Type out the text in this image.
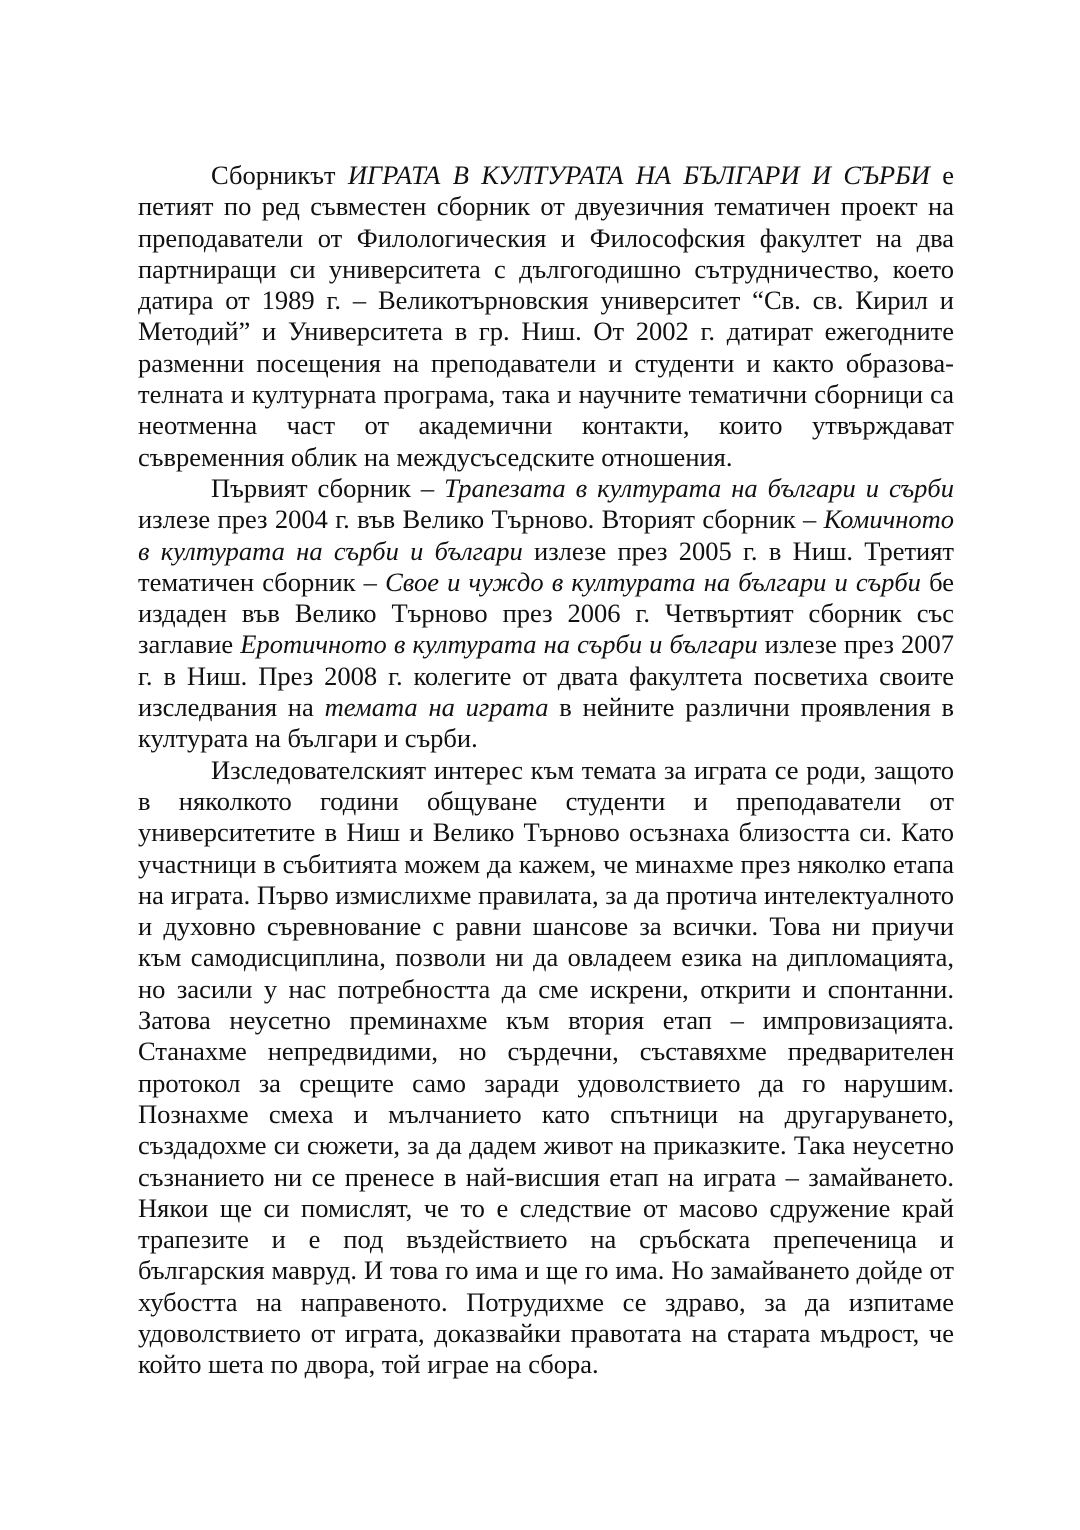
Сборникът ИГРАТА В КУЛТУРАТА НА БЪЛГАРИ И СЪРБИ е петият по ред съвместен сборник от двуезичния тематичен проект на преподаватели от Филологическия и Философския факултет на два партниращи си университета с дългогодишно сътрудничество, което датира от 1989 г. – Великотърновския университет “Св. св. Кирил и Методий” и Университета в гр. Ниш. От 2002 г. датират ежегодните разменни посещения на преподаватели и студенти и както образователната и културната програма, така и научните тематични сборници са неотменна част от академични контакти, които утвърждават съвременния облик на междусъседските отношения.

Първият сборник – Трапезата в културата на българи и сърби излезе през 2004 г. във Велико Търново. Вторият сборник – Комичното в културата на сърби и българи излезе през 2005 г. в Ниш. Третият тематичен сборник – Свое и чуждо в културата на българи и сърби бе издаден във Велико Търново през 2006 г. Четвъртият сборник със заглавие Еротичното в културата на сърби и българи излезе през 2007 г. в Ниш. През 2008 г. колегите от двата факултета посветиха своите изследвания на темата на играта в нейните различни проявления в културата на българи и сърби.

Изследователският интерес към темата за играта се роди, защото в няколкото години общуване студенти и преподаватели от университетите в Ниш и Велико Търново осъзнаха близостта си. Като участници в събитията можем да кажем, че минахме през няколко етапа на играта. Първо измислихме правилата, за да протича интелектуалното и духовно съревнование с равни шансове за всички. Това ни приучи към самодисциплина, позволи ни да овладеем езика на дипломацията, но засили у нас потребността да сме искрени, открити и спонтанни. Затова неусетно преминахме към втория етап – импровизацията. Станахме непредвидими, но сърдечни, съставяхме предварителен протокол за срещите само заради удоволствието да го нарушим. Познахме смеха и мълчанието като спътници на другаруването, създадохме си сюжети, за да дадем живот на приказките. Така неусетно съзнанието ни се пренесе в най-висшия етап на играта – замайването. Някои ще си помислят, че то е следствие от масово сдружение край трапезите и е под въздействието на сръбската препеченица и българския мавруд. И това го има и ще го има. Но замайването дойде от хубостта на направеното. Потрудихме се здраво, за да изпитаме удоволствието от играта, доказвайки правотата на старата мъдрост, че който шета по двора, той играе на сбора.
